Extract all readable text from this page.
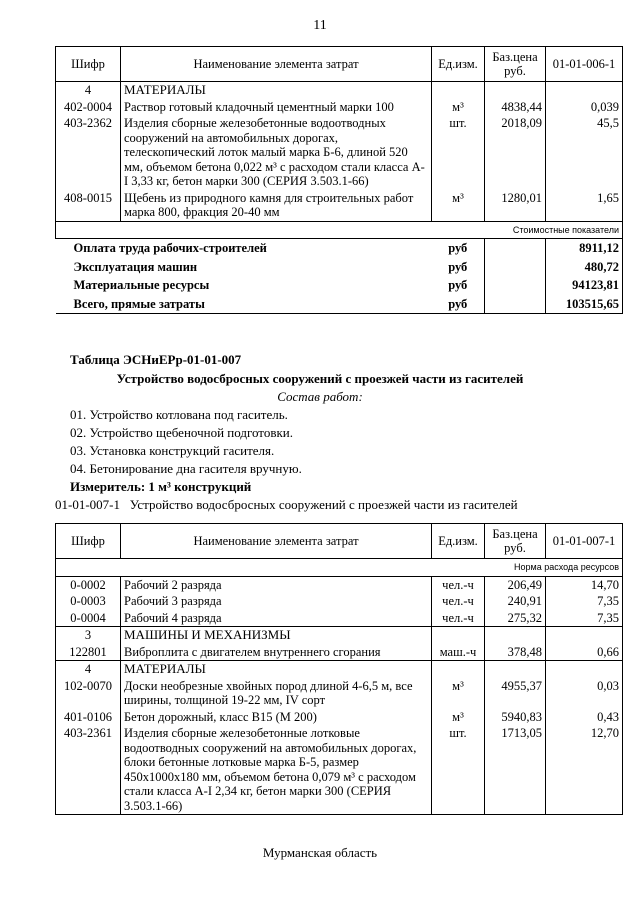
11
Шифр	Наименование элемента затрат	Ед.изм.	Баз.цена руб.	01-01-006-1
4	МАТЕРИАЛЫ			
402-0004	Раствор готовый кладочный цементный марки 100	м³	4838,44	0,039
403-2362	Изделия сборные железобетонные водоотводных сооружений на автомобильных дорогах, телескопический лоток малый марка Б-6, длиной 520 мм, объемом бетона 0,022 м³ с расходом стали класса А-I 3,33 кг, бетон марки 300 (СЕРИЯ 3.503.1-66)	шт.	2018,09	45,5
408-0015	Щебень из природного камня для строительных работ марка 800, фракция 20-40 мм	м³	1280,01	1,65
Стоимостные показатели				
Оплата труда рабочих-строителей		руб		8911,12
Эксплуатация машин		руб		480,72
Материальные ресурсы		руб		94123,81
Всего, прямые затраты		руб		103515,65
Таблица ЭСНиЕРр-01-01-007
Устройство водосбросных сооружений с проезжей части из гасителей
Состав работ:
01. Устройство котлована под гаситель.
02. Устройство щебеночной подготовки.
03. Установка конструкций гасителя.
04. Бетонирование дна гасителя вручную.
Измеритель: 1 м³ конструкций
01-01-007-1   Устройство водосбросных сооружений с проезжей части из гасителей
Шифр	Наименование элемента затрат	Ед.изм.	Баз.цена руб.	01-01-007-1
Норма расхода ресурсов				
0-0002	Рабочий 2 разряда	чел.-ч	206,49	14,70
0-0003	Рабочий 3 разряда	чел.-ч	240,91	7,35
0-0004	Рабочий 4 разряда	чел.-ч	275,32	7,35
3	МАШИНЫ И МЕХАНИЗМЫ			
122801	Виброплита с двигателем внутреннего сгорания	маш.-ч	378,48	0,66
4	МАТЕРИАЛЫ			
102-0070	Доски необрезные хвойных пород длиной 4-6,5 м, все ширины, толщиной 19-22 мм, IV сорт	м³	4955,37	0,03
401-0106	Бетон дорожный, класс В15 (М 200)	м³	5940,83	0,43
403-2361	Изделия сборные железобетонные лотковые водоотводных сооружений на автомобильных дорогах, блоки бетонные лотковые марка Б-5, размер 450х1000х180 мм, объемом бетона 0,079 м³ с расходом стали класса А-I 2,34 кг, бетон марки 300 (СЕРИЯ 3.503.1-66)	шт.	1713,05	12,70
Мурманская область
